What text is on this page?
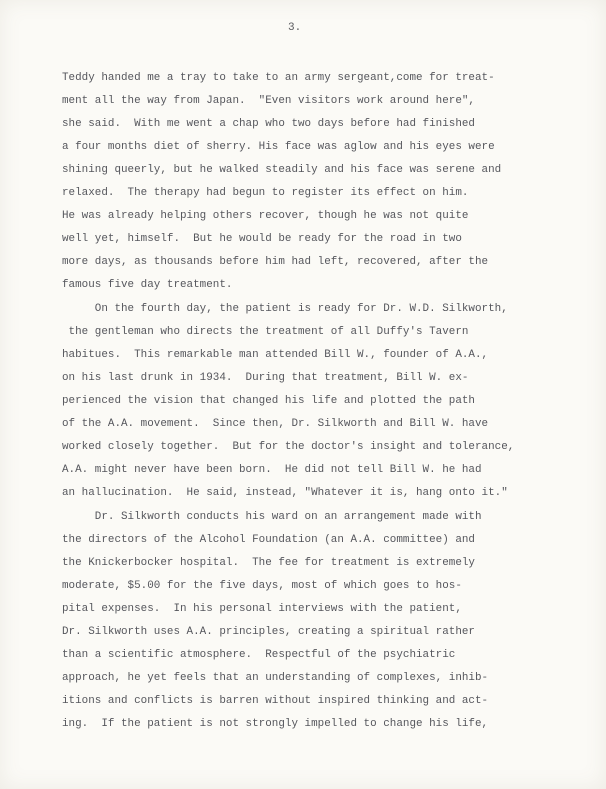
3.
Teddy handed me a tray to take to an army sergeant,come for treat-
ment all the way from Japan.  "Even visitors work around here",
she said.  With me went a chap who two days before had finished
a four months diet of sherry. His face was aglow and his eyes were
shining queerly, but he walked steadily and his face was serene and
relaxed.  The therapy had begun to register its effect on him.
He was already helping others recover, though he was not quite
well yet, himself.  But he would be ready for the road in two
more days, as thousands before him had left, recovered, after the
famous five day treatment.
On the fourth day, the patient is ready for Dr. W.D. Silkworth,
the gentleman who directs the treatment of all Duffy's Tavern
habitues.  This remarkable man attended Bill W., founder of A.A.,
on his last drunk in 1934.  During that treatment, Bill W. ex-
perienced the vision that changed his life and plotted the path
of the A.A. movement.  Since then, Dr. Silkworth and Bill W. have
worked closely together.  But for the doctor's insight and tolerance,
A.A. might never have been born.  He did not tell Bill W. he had
an hallucination.  He said, instead, "Whatever it is, hang onto it."
Dr. Silkworth conducts his ward on an arrangement made with
the directors of the Alcohol Foundation (an A.A. committee) and
the Knickerbocker hospital.  The fee for treatment is extremely
moderate, $5.00 for the five days, most of which goes to hos-
pital expenses.  In his personal interviews with the patient,
Dr. Silkworth uses A.A. principles, creating a spiritual rather
than a scientific atmosphere.  Respectful of the psychiatric
approach, he yet feels that an understanding of complexes, inhib-
itions and conflicts is barren without inspired thinking and act-
ing.  If the patient is not strongly impelled to change his life,
